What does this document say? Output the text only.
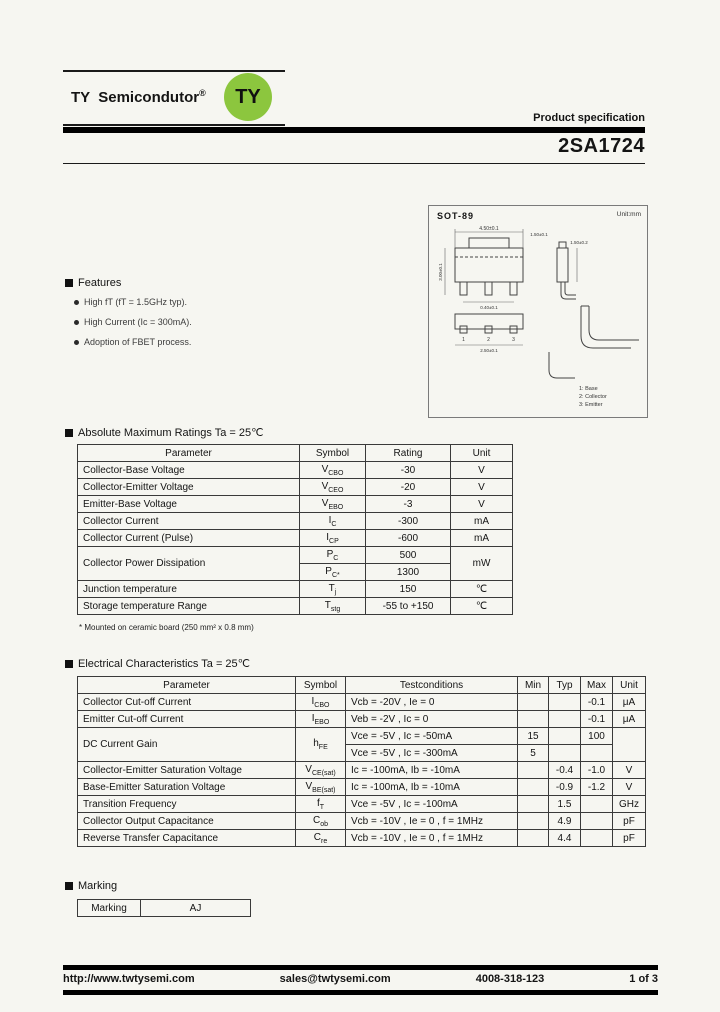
TY  Semicondutor® TY
Product specification
2SA1724
SOT-89	Unit:mm
4.50±0.1
1.50±0.2
0.40±0.1
3.00±0.1
2.50±0.1
1.50±0.1
1	2	3
1: Base
2: Collector
3: Emitter
Features
High fT (fT = 1.5GHz typ).
High Current (Ic = 300mA).
Adoption of FBET process.
Absolute Maximum Ratings Ta = 25℃
Parameter	Symbol	Rating	Unit
Collector-Base Voltage	$V_{CBO}$	-30	V
Collector-Emitter Voltage	$V_{CEO}$	-20	V
Emitter-Base Voltage	$V_{EBO}$	-3	V
Collector Current	$I_C$	-300	mA
Collector Current (Pulse)	$I_{CP}$	-600	mA
Collector Power Dissipation	$P_C$	500	mW
	$P_{C*}$	1300	
Junction temperature	$T_j$	150	℃
Storage temperature Range	$T_{stg}$	-55 to +150	℃
* Mounted on ceramic board (250 mm² x 0.8 mm)
Electrical Characteristics Ta = 25℃
Parameter	Symbol	Testconditions	Min	Typ	Max	Unit
Collector Cut-off Current	$I_{CBO}$	Vcb = -20V , Ie = 0			-0.1	μA
Emitter Cut-off Current	$I_{EBO}$	Veb = -2V , Ic = 0			-0.1	μA
DC Current Gain	$h_{FE}$	Vce = -5V , Ic = -50mA	15		100	
		Vce = -5V , Ic = -300mA	5			
Collector-Emitter Saturation Voltage	$V_{CE(sat)}$	Ic = -100mA, Ib = -10mA		-0.4	-1.0	V
Base-Emitter Saturation Voltage	$V_{BE(sat)}$	Ic = -100mA, Ib = -10mA		-0.9	-1.2	V
Transition Frequency	$f_T$	Vce = -5V , Ic = -100mA		1.5		GHz
Collector Output Capacitance	$C_{ob}$	Vcb = -10V , Ie = 0 , f = 1MHz		4.9		pF
Reverse Transfer Capacitance	$C_{re}$	Vcb = -10V , Ie = 0 , f = 1MHz		4.4		pF
Marking
Marking	AJ
http://www.twtysemi.com	sales@twtysemi.com	4008-318-123	1 of 3
